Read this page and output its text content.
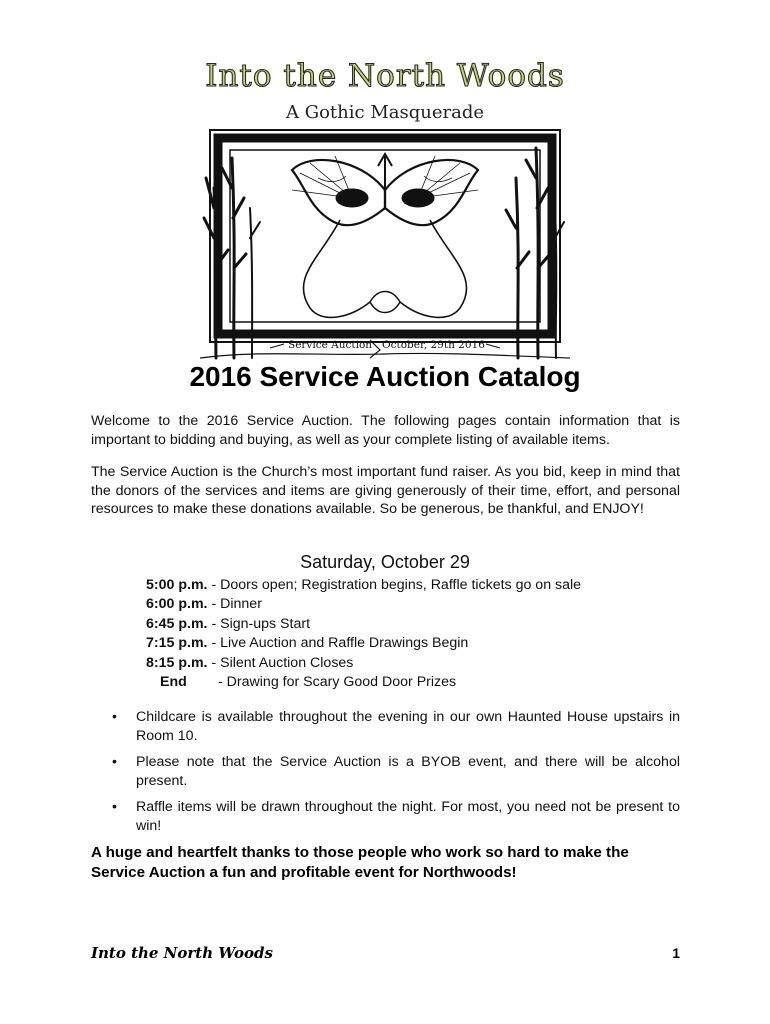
Into the North Woods
A Gothic Masquerade
Service Auction October, 29th 2016
2016 Service Auction Catalog
Welcome to the 2016 Service Auction. The following pages contain information that is important to bidding and buying, as well as your complete listing of available items.
The Service Auction is the Church’s most important fund raiser. As you bid, keep in mind that the donors of the services and items are giving generously of their time, effort, and personal resources to make these donations available. So be generous, be thankful, and ENJOY!
Saturday, October 29
5:00 p.m. - Doors open; Registration begins, Raffle tickets go on sale
6:00 p.m. - Dinner
6:45 p.m. - Sign-ups Start
7:15 p.m. - Live Auction and Raffle Drawings Begin
8:15 p.m. - Silent Auction Closes
End - Drawing for Scary Good Door Prizes
• Childcare is available throughout the evening in our own Haunted House upstairs in Room 10.
• Please note that the Service Auction is a BYOB event, and there will be alcohol present.
• Raffle items will be drawn throughout the night. For most, you need not be present to win!
A huge and heartfelt thanks to those people who work so hard to make the Service Auction a fun and profitable event for Northwoods!
Into the North Woods	1
